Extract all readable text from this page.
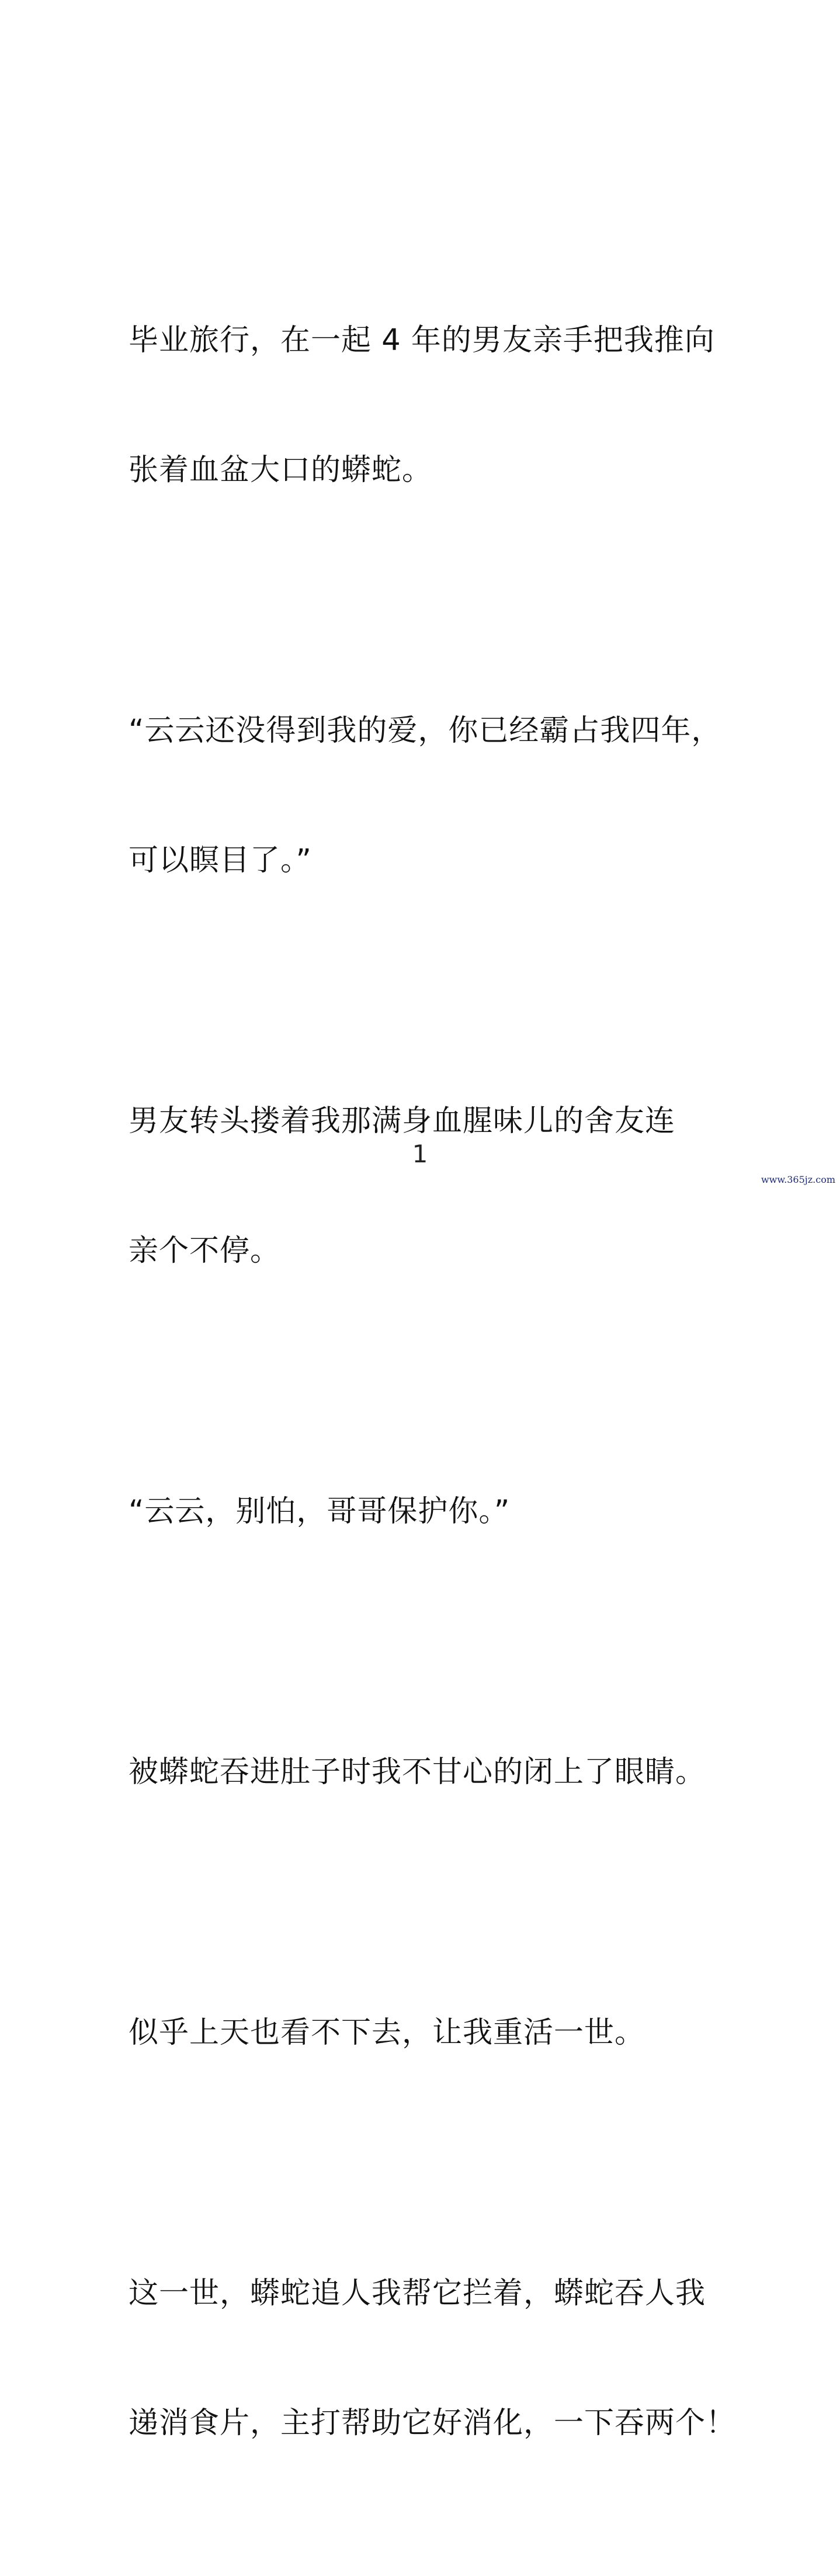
毕业旅行，在一起 4 年的男友亲手把我推向

张着血盆大口的蟒蛇。

“云云还没得到我的爱，你已经霸占我四年，

可以瞑目了。”

男友转头搂着我那满身血腥味儿的舍友连

亲个不停。

“云云，别怕，哥哥保护你。”

被蟒蛇吞进肚子时我不甘心的闭上了眼睛。

似乎上天也看不下去，让我重活一世。

这一世，蟒蛇追人我帮它拦着，蟒蛇吞人我

递消食片，主打帮助它好消化，一下吞两个！

1
www.365jz.com
